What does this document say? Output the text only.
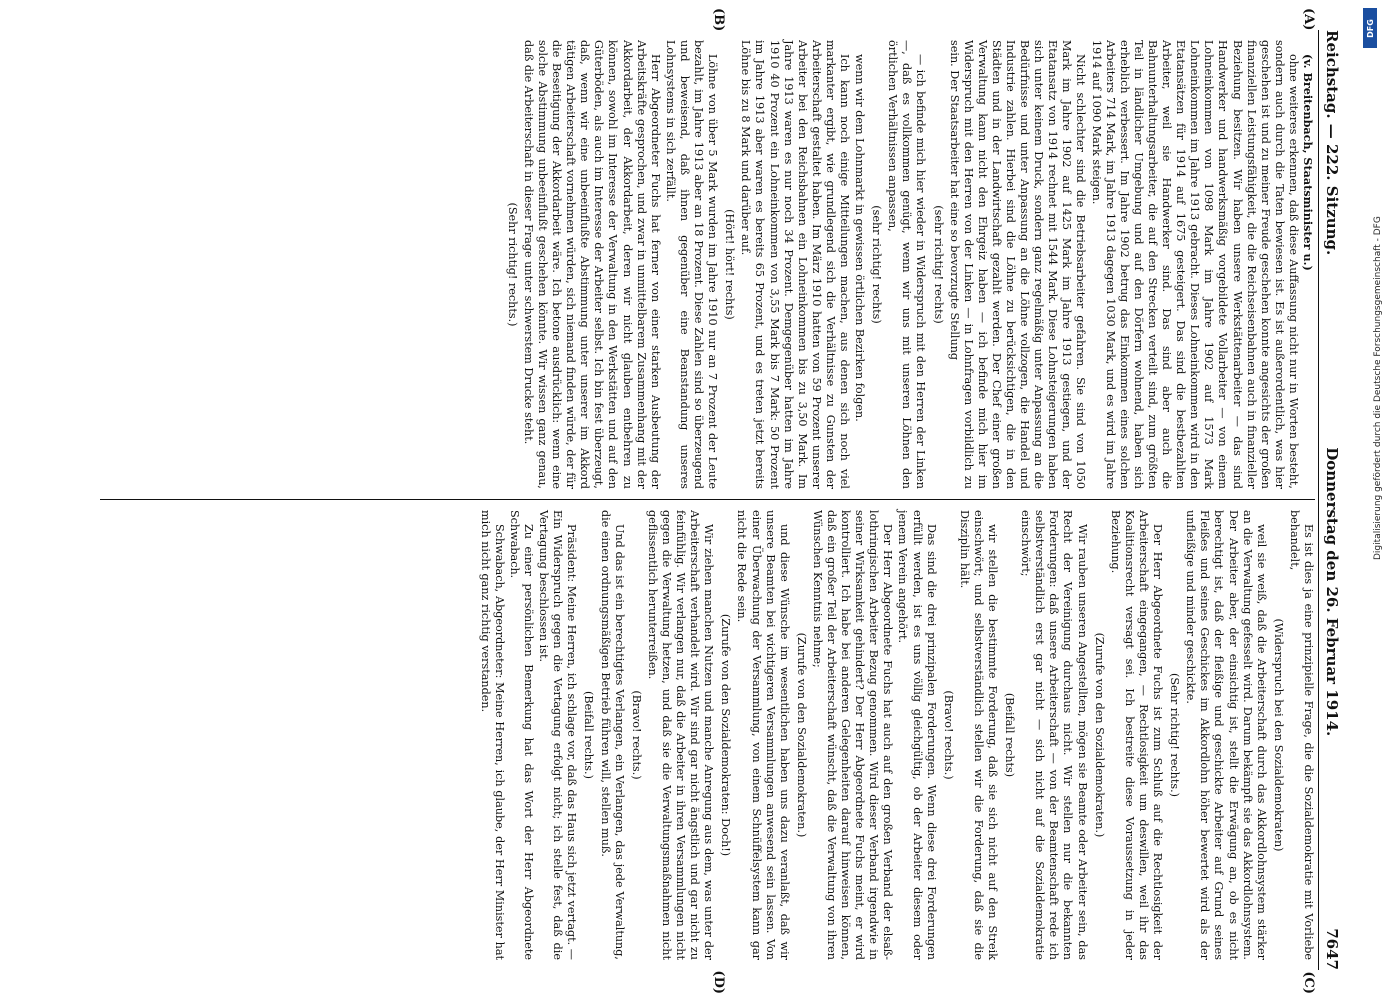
Reichstag. — 222. Sitzung.
Donnerstag den 26. Februar 1914.
7647
(A)
(B)

(v. Breitenbach, Staatsminister u.)

ohne weiteres erkennen, daß diese Auffassung nicht nur in Worten besteht, sondern auch durch die Taten bewiesen ist. Es ist außerordentlich, was hier geschehen ist und zu meiner Freude geschehen konnte angesichts der großen finanziellen Leistungsfähigkeit, die die Reichseisenbahnen auch in finanzieller Beziehung besitzen. Wir haben unsere Werkstättenarbeiter — das sind Handwerker und handwerksmäßig vorgebildete Vollarbeiter — von einem Lohneinkommen von 1098 Mark im Jahre 1902 auf 1573 Mark Lohneinkommen im Jahre 1913 gebracht. Dieses Lohneinkommen wird in den Etatansätzen für 1914 auf 1675 gesteigert. Das sind die bestbezahlten Arbeiter, weil sie Handwerker sind. Das sind aber auch die Bahnunterhaltungsarbeiter, die auf den Strecken verteilt sind, zum größten Teil in ländlicher Umgebung und auf den Dörfern wohnend, haben sich erheblich verbessert. Im Jahre 1902 betrug das Einkommen eines solchen Arbeiters 714 Mark, im Jahre 1913 dagegen 1030 Mark, und es wird im Jahre 1914 auf 1090 Mark steigen.

Nicht schlechter sind die Betriebsarbeiter gefahren. Sie sind von 1050 Mark im Jahre 1902 auf 1425 Mark im Jahre 1913 gestiegen, und der Etatansatz von 1914 rechnet mit 1544 Mark. Diese Lohnsteigerungen haben sich unter keinem Druck, sondern ganz regelmäßig unter Anpassung an die Bedürfnisse und unter Anpassung an die Löhne vollzogen, die Handel und Industrie zahlen. Hierbei sind die Löhne zu berücksichtigen, die in den Städten und in der Landwirtschaft gezahlt werden. Der Chef einer großen Verwaltung kann nicht den Ehrgeiz haben — ich befinde mich hier im Widerspruch mit den Herren von der Linken — in Lohnfragen vorbildlich zu sein. Der Staatsarbeiter hat eine so bevorzugte Stellung

(sehr richtig! rechts)

— ich befinde mich hier wieder in Widerspruch mit den Herren der Linken —, daß es vollkommen genügt, wenn wir uns mit unseren Löhnen den örtlichen Verhältnissen anpassen,

(sehr richtig! rechts)

wenn wir dem Lohnmarkt in gewissen örtlichen Bezirken folgen.

Ich kann noch einige Mitteilungen machen, aus denen sich noch viel markanter ergibt, wie grundlegend sich die Verhältnisse zu Gunsten der Arbeiterschaft gestaltet haben. Im März 1910 hatten von 59 Prozent unserer Arbeiter bei den Reichsbahnen ein Lohneinkommen bis zu 3,50 Mark. Im Jahre 1913 waren es nur noch 34 Prozent. Demgegenüber hatten im Jahre 1910 40 Prozent ein Lohneinkommen von 3,55 Mark bis 7 Mark: 50 Prozent im Jahre 1913 aber waren es bereits 65 Prozent, und es treten jetzt bereits Löhne bis zu 8 Mark und darüber auf.

(Hört! hört! rechts)

Löhne von über 5 Mark wurden im Jahre 1910 nur an 7 Prozent der Leute bezahlt, im Jahre 1913 aber an 18 Prozent. Diese Zahlen sind so überzeugend und beweisend, daß ihnen gegenüber eine Beanstandung unseres Lohnsystems in sich zerfällt.

Herr Abgeordneter Fuchs hat ferner von einer starken Ausbeutung der Arbeitskräfte gesprochen, und zwar in unmittelbarem Zusammenhang mit der Akkordarbeit, der Akkordarbeit, deren wir nicht glauben entbehren zu können, sowohl im Interesse der Verwaltung in den Werkstätten und auf den Güterböden, als auch im Interesse der Arbeiter selbst. Ich bin fest überzeugt, daß, wenn wir eine unbeeinflußte Abstimmung unter unserer im Akkord tätigen Arbeiterschaft vornehmen würden, sich niemand finden würde, der für die Beseitigung der Akkordarbeit wäre. Ich betone ausdrücklich: wenn eine solche Abstimmung unbeeinflußt geschehen könnte. Wir wissen ganz genau, daß die Arbeiterschaft in dieser Frage unter schwerstem Drucke steht.

(Sehr richtig! rechts.)

(C)
(D)

Es ist dies ja eine prinzipielle Frage, die die Sozialdemokratie mit Vorliebe behandelt,

(Widerspruch bei den Sozialdemokraten)

weil sie weiß, daß die Arbeiterschaft durch das Akkordlohnsystem stärker an die Verwaltung gefesselt wird. Darum bekämpft sie das Akkordlohnsystem. Der Arbeiter aber, der einsichtig ist, stellt die Erwägung an, ob es nicht berechtigt ist, daß der fleißige und geschickte Arbeiter auf Grund seines Fleißes und seines Geschickes im Akkordlohn höher bewertet wird als der unfleißige und minder geschickte.

(Sehr richtig! rechts.)

Der Herr Abgeordnete Fuchs ist zum Schluß auf die Rechtlosigkeit der Arbeiterschaft eingegangen, — Rechtlosigkeit um deswillen, weil ihr das Koalitionsrecht versagt sei. Ich bestreite diese Voraussetzung in jeder Beziehung.

(Zurufe von den Sozialdemokraten.)

Wir rauben unseren Angestellten, mögen sie Beamte oder Arbeiter sein, das Recht der Vereinigung durchaus nicht. Wir stellen nur die bekannten Forderungen: daß unsere Arbeiterschaft — von der Beamtenschaft rede ich selbstverständlich erst gar nicht — sich nicht auf die Sozialdemokratie einschwört;

(Beifall rechts)

wir stellen die bestimmte Forderung, daß sie sich nicht auf den Streik einschwört; und selbstverständlich stellen wir die Forderung, daß sie die Disziplin hält.

(Bravo! rechts.)

Das sind die drei prinzipalen Forderungen. Wenn diese drei Forderungen erfüllt werden, ist es uns völlig gleichgültig, ob der Arbeiter diesem oder jenem Verein angehört.

Der Herr Abgeordnete Fuchs hat auch auf den großen Verband der elsaß-lothringischen Arbeiter Bezug genommen. Wird dieser Verband irgendwie in seiner Wirksamkeit gehindert? Der Herr Abgeordnete Fuchs meint, er wird kontrolliert. Ich habe bei anderen Gelegenheiten darauf hinweisen können, daß ein großer Teil der Arbeiterschaft wünscht, daß die Verwaltung von ihren Wünschen Kenntnis nehme;

(Zurufe von den Sozialdemokraten.)

und diese Wünsche im wesentlichen haben uns dazu veranlaßt, daß wir unsere Beamten bei wichtigeren Versammlungen anwesend sein lassen. Von einer Überwachung der Versammlung, von einem Schnüffelsystem kann gar nicht die Rede sein.

(Zurufe von den Sozialdemokraten: Doch!)

Wir ziehen manchen Nutzen und manche Anregung aus dem, was unter der Arbeiterschaft verhandelt wird. Wir sind gar nicht ängstlich und gar nicht zu feinfühlig. Wir verlangen nur, daß die Arbeiter in ihren Versammlungen nicht gegen die Verwaltung hetzen, und daß sie die Verwaltungsmaßnahmen nicht geflissentlich herunterreißen.

(Bravo! rechts.)

Und das ist ein berechtigtes Verlangen, ein Verlangen, das jede Verwaltung, die einen ordnungsmäßigen Betrieb führen will, stellen muß.

(Beifall rechts.)

Präsident: Meine Herren, ich schlage vor, daß das Haus sich jetzt vertagt. — Ein Widerspruch gegen die Vertagung erfolgt nicht; ich stelle fest, daß die Vertagung beschlossen ist.

Zu einer persönlichen Bemerkung hat das Wort der Herr Abgeordnete Schwabach.

Schwabach, Abgeordneter: Meine Herren, ich glaube, der Herr Minister hat mich nicht ganz richtig verstanden.

DFG
Digitalisierung gefördert durch die Deutsche Forschungsgemeinschaft - DFG
